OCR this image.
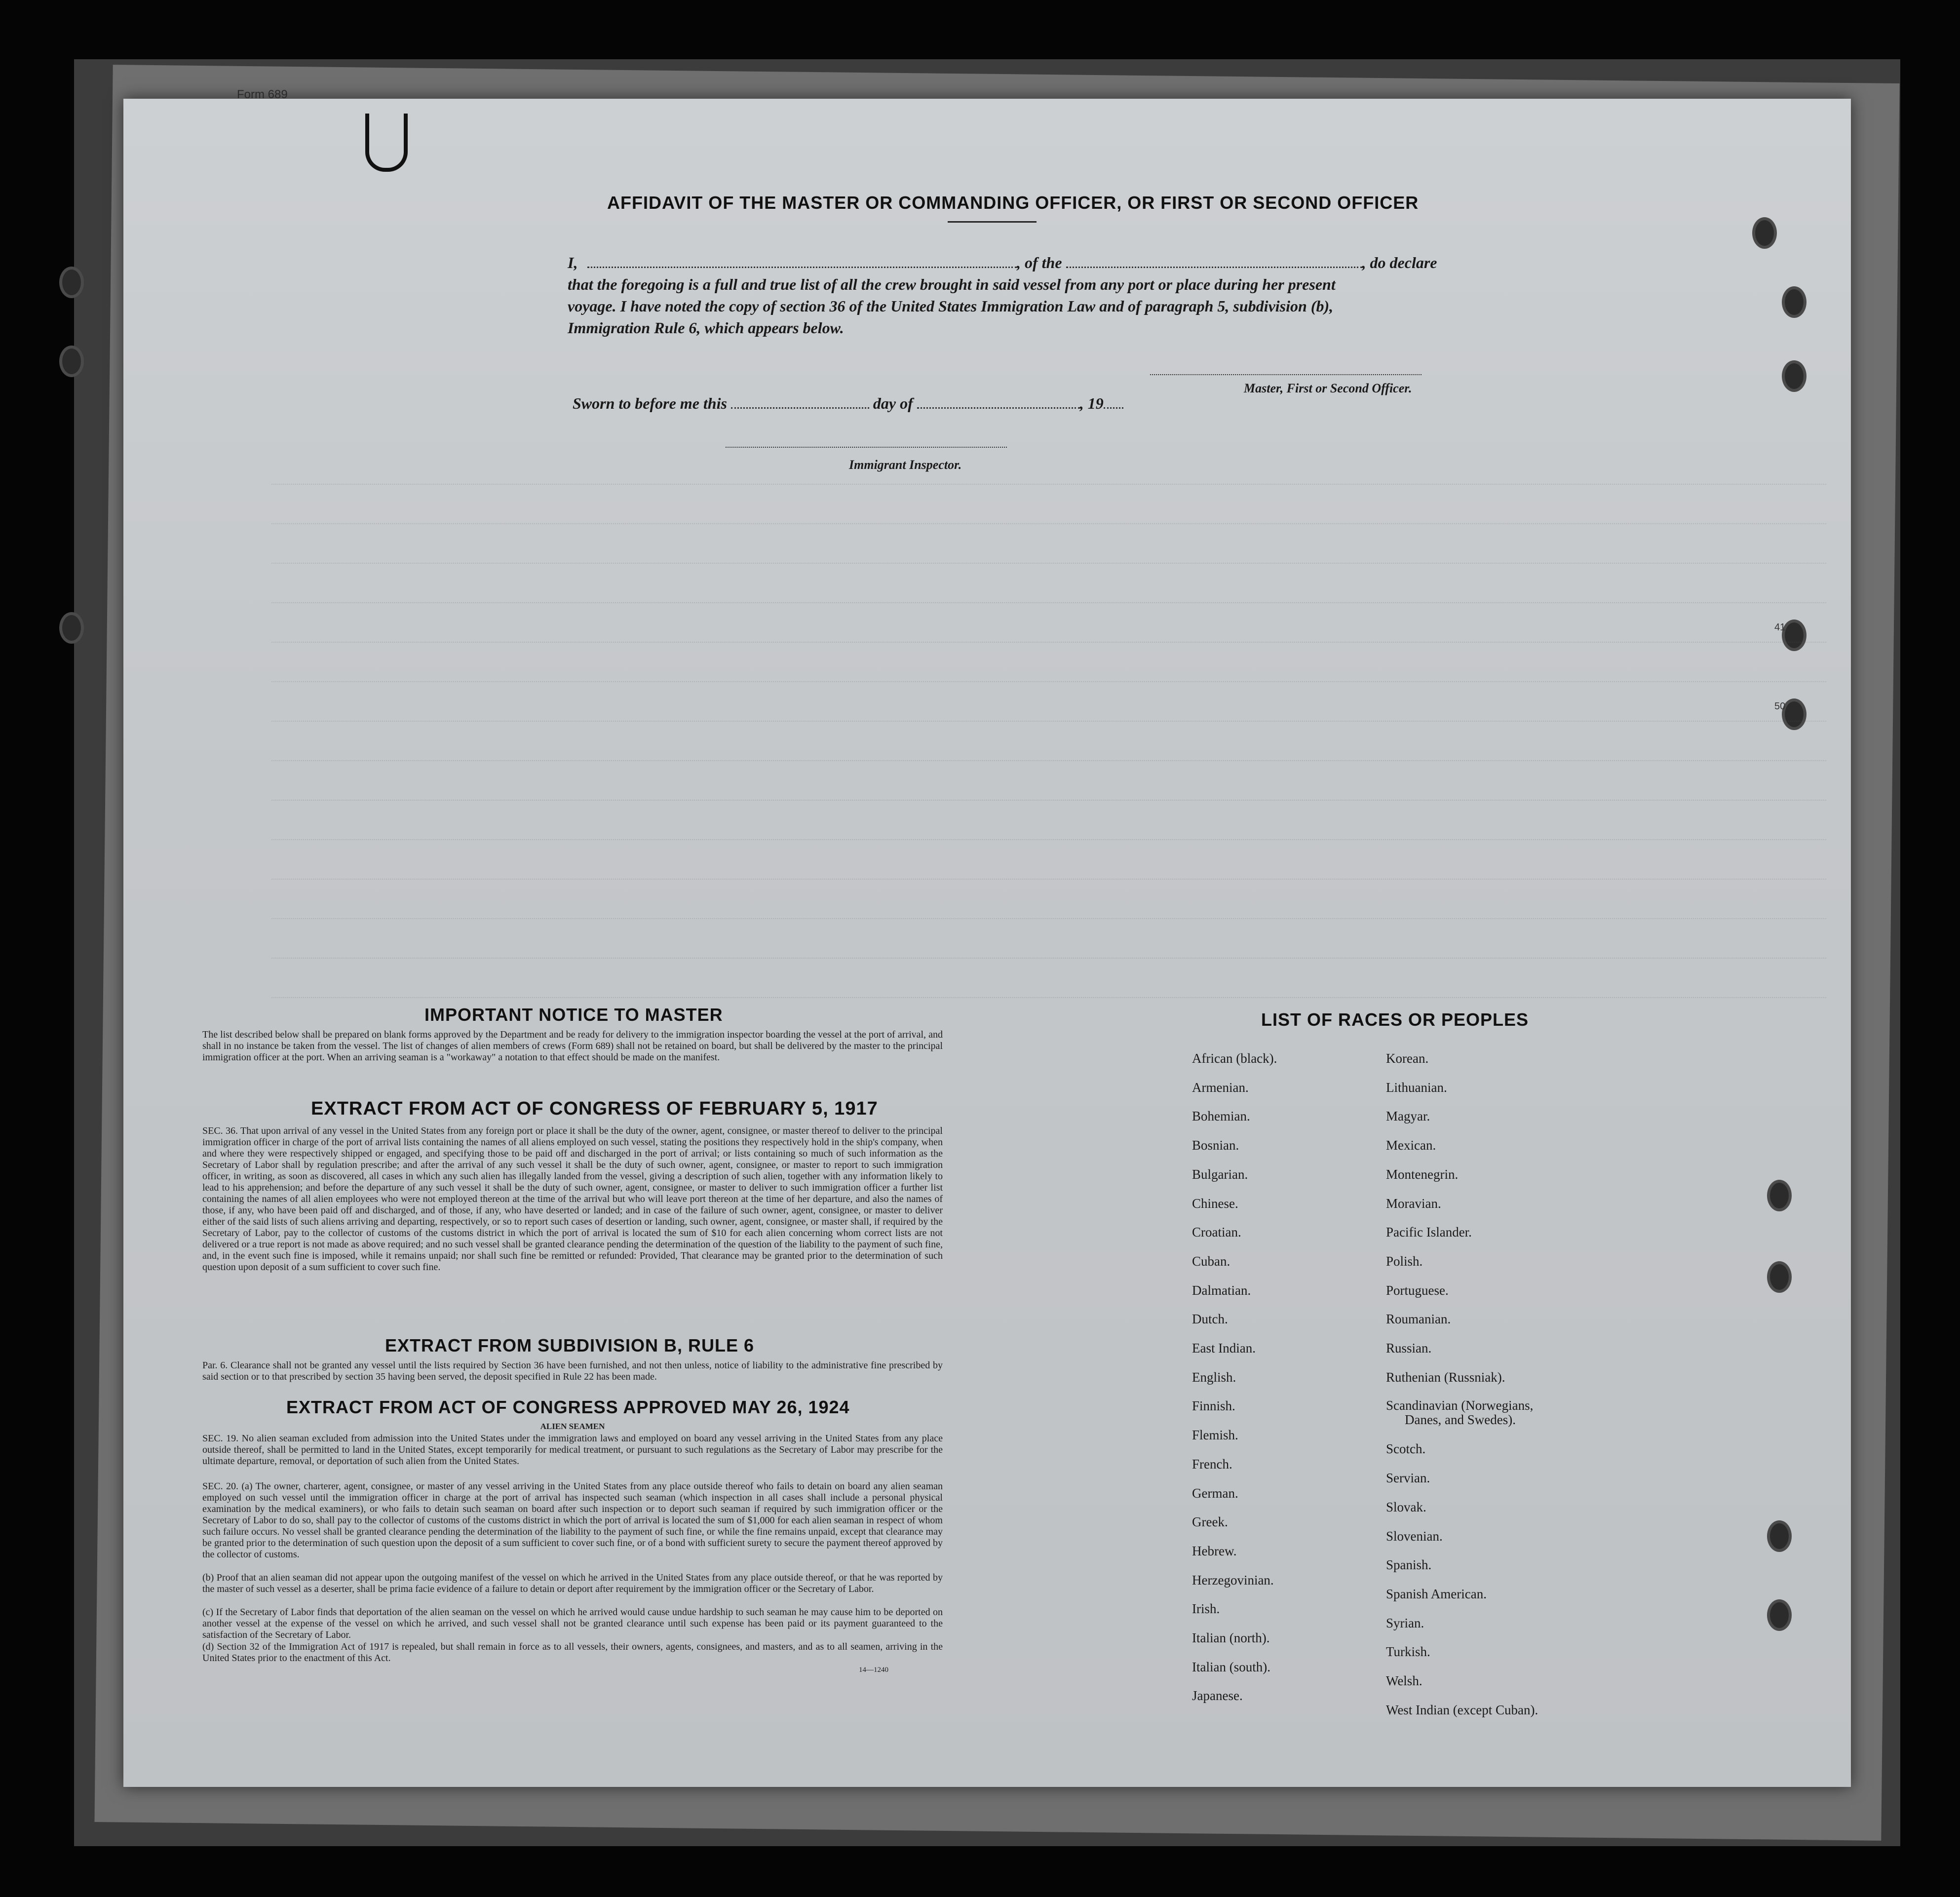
Form 689
41
50
AFFIDAVIT OF THE MASTER OR COMMANDING OFFICER, OR FIRST OR SECOND OFFICER
I,	, of the	, do declare
that the foregoing is a full and true list of all the crew brought in said vessel from any port or place during her present
voyage. I have noted the copy of section 36 of the United States Immigration Law and of paragraph 5, subdivision (b),
Immigration Rule 6, which appears below.
Master, First or Second Officer.
Sworn to before me this	day of	, 19
Immigrant Inspector.
IMPORTANT NOTICE TO MASTER
The list described below shall be prepared on blank forms approved by the Department and be ready for delivery to the immigration inspector boarding the vessel at the port of arrival, and shall in no instance be taken from the vessel. The list of changes of alien members of crews (Form 689) shall not be retained on board, but shall be delivered by the master to the principal immigration officer at the port. When an arriving seaman is a "workaway" a notation to that effect should be made on the manifest.
EXTRACT FROM ACT OF CONGRESS OF FEBRUARY 5, 1917
SEC. 36. That upon arrival of any vessel in the United States from any foreign port or place it shall be the duty of the owner, agent, consignee, or master thereof to deliver to the principal immigration officer in charge of the port of arrival lists containing the names of all aliens employed on such vessel, stating the positions they respectively hold in the ship's company, when and where they were respectively shipped or engaged, and specifying those to be paid off and discharged in the port of arrival; or lists containing so much of such information as the Secretary of Labor shall by regulation prescribe; and after the arrival of any such vessel it shall be the duty of such owner, agent, consignee, or master to report to such immigration officer, in writing, as soon as discovered, all cases in which any such alien has illegally landed from the vessel, giving a description of such alien, together with any information likely to lead to his apprehension; and before the departure of any such vessel it shall be the duty of such owner, agent, consignee, or master to deliver to such immigration officer a further list containing the names of all alien employees who were not employed thereon at the time of the arrival but who will leave port thereon at the time of her departure, and also the names of those, if any, who have been paid off and discharged, and of those, if any, who have deserted or landed; and in case of the failure of such owner, agent, consignee, or master to deliver either of the said lists of such aliens arriving and departing, respectively, or so to report such cases of desertion or landing, such owner, agent, consignee, or master shall, if required by the Secretary of Labor, pay to the collector of customs of the customs district in which the port of arrival is located the sum of $10 for each alien concerning whom correct lists are not delivered or a true report is not made as above required; and no such vessel shall be granted clearance pending the determination of the question of the liability to the payment of such fine, and, in the event such fine is imposed, while it remains unpaid; nor shall such fine be remitted or refunded: Provided, That clearance may be granted prior to the determination of such question upon deposit of a sum sufficient to cover such fine.
EXTRACT FROM SUBDIVISION B, RULE 6
Par. 6. Clearance shall not be granted any vessel until the lists required by Section 36 have been furnished, and not then unless, notice of liability to the administrative fine prescribed by said section or to that prescribed by section 35 having been served, the deposit specified in Rule 22 has been made.
EXTRACT FROM ACT OF CONGRESS APPROVED MAY 26, 1924
ALIEN SEAMEN
SEC. 19. No alien seaman excluded from admission into the United States under the immigration laws and employed on board any vessel arriving in the United States from any place outside thereof, shall be permitted to land in the United States, except temporarily for medical treatment, or pursuant to such regulations as the Secretary of Labor may prescribe for the ultimate departure, removal, or deportation of such alien from the United States.
SEC. 20. (a) The owner, charterer, agent, consignee, or master of any vessel arriving in the United States from any place outside thereof who fails to detain on board any alien seaman employed on such vessel until the immigration officer in charge at the port of arrival has inspected such seaman (which inspection in all cases shall include a personal physical examination by the medical examiners), or who fails to detain such seaman on board after such inspection or to deport such seaman if required by such immigration officer or the Secretary of Labor to do so, shall pay to the collector of customs of the customs district in which the port of arrival is located the sum of $1,000 for each alien seaman in respect of whom such failure occurs. No vessel shall be granted clearance pending the determination of the liability to the payment of such fine, or while the fine remains unpaid, except that clearance may be granted prior to the determination of such question upon the deposit of a sum sufficient to cover such fine, or of a bond with sufficient surety to secure the payment thereof approved by the collector of customs.
(b) Proof that an alien seaman did not appear upon the outgoing manifest of the vessel on which he arrived in the United States from any place outside thereof, or that he was reported by the master of such vessel as a deserter, shall be prima facie evidence of a failure to detain or deport after requirement by the immigration officer or the Secretary of Labor.
(c) If the Secretary of Labor finds that deportation of the alien seaman on the vessel on which he arrived would cause undue hardship to such seaman he may cause him to be deported on another vessel at the expense of the vessel on which he arrived, and such vessel shall not be granted clearance until such expense has been paid or its payment guaranteed to the satisfaction of the Secretary of Labor.
(d) Section 32 of the Immigration Act of 1917 is repealed, but shall remain in force as to all vessels, their owners, agents, consignees, and masters, and as to all seamen, arriving in the United States prior to the enactment of this Act.
14—1240
LIST OF RACES OR PEOPLES
African (black).
Armenian.
Bohemian.
Bosnian.
Bulgarian.
Chinese.
Croatian.
Cuban.
Dalmatian.
Dutch.
East Indian.
English.
Finnish.
Flemish.
French.
German.
Greek.
Hebrew.
Herzegovinian.
Irish.
Italian (north).
Italian (south).
Japanese.
Korean.
Lithuanian.
Magyar.
Mexican.
Montenegrin.
Moravian.
Pacific Islander.
Polish.
Portuguese.
Roumanian.
Russian.
Ruthenian (Russniak).
Scandinavian (Norwegians,
Danes, and Swedes).
Scotch.
Servian.
Slovak.
Slovenian.
Spanish.
Spanish American.
Syrian.
Turkish.
Welsh.
West Indian (except Cuban).
